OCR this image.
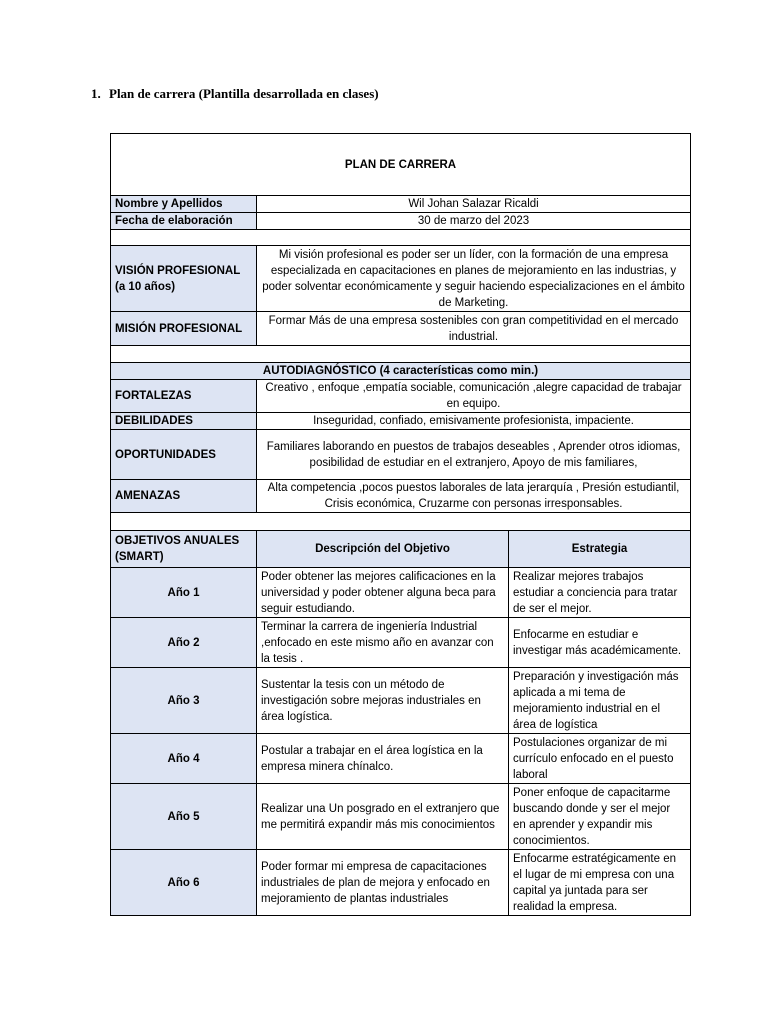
1. Plan de carrera (Plantilla desarrollada en clases)
PLAN DE CARRERA		
Nombre y Apellidos	Wil Johan Salazar Ricaldi	
Fecha de elaboración	30 de marzo del 2023	

VISIÓN PROFESIONAL (a 10 años)	Mi visión profesional es poder ser un líder, con la formación de una empresa especializada en capacitaciones en planes de mejoramiento en las industrias, y poder solventar económicamente y seguir haciendo especializaciones en el ámbito de Marketing.	
MISIÓN PROFESIONAL	Formar Más de una empresa sostenibles con gran competitividad en el mercado industrial.	

AUTODIAGNÓSTICO (4 características como min.)		
FORTALEZAS	Creativo , enfoque ,empatía sociable, comunicación ,alegre capacidad de trabajar en equipo.	
DEBILIDADES	Inseguridad, confiado, emisivamente profesionista, impaciente.	
OPORTUNIDADES	Familiares laborando en puestos de trabajos deseables , Aprender otros idiomas, posibilidad de estudiar en el extranjero, Apoyo de mis familiares,	
AMENAZAS	Alta competencia ,pocos puestos laborales de lata jerarquía , Presión estudiantil, Crisis económica, Cruzarme con personas irresponsables.	

OBJETIVOS ANUALES (SMART)	Descripción del Objetivo	Estrategia
Año 1	Poder obtener las mejores calificaciones en la universidad y poder obtener alguna beca para seguir estudiando.	Realizar mejores trabajos estudiar a conciencia para tratar de ser el mejor.
Año 2	Terminar la carrera de ingeniería Industrial ,enfocado en este mismo año en avanzar con la tesis .	Enfocarme en estudiar e investigar más académicamente.
Año 3	Sustentar la tesis con un método de investigación sobre mejoras industriales en área logística.	Preparación y investigación más aplicada a mi tema de mejoramiento industrial en el área de logística
Año 4	Postular a trabajar en el área logística en la empresa minera chínalco.	Postulaciones organizar de mi currículo enfocado en el puesto laboral
Año 5	Realizar una Un posgrado en el extranjero que me permitirá expandir más mis conocimientos	Poner enfoque de capacitarme buscando donde y ser el mejor en aprender y expandir mis conocimientos.
Año 6	Poder formar mi empresa de capacitaciones industriales de plan de mejora y enfocado en mejoramiento de plantas industriales	Enfocarme estratégicamente en el lugar de mi empresa con una capital ya juntada para ser realidad la empresa.
